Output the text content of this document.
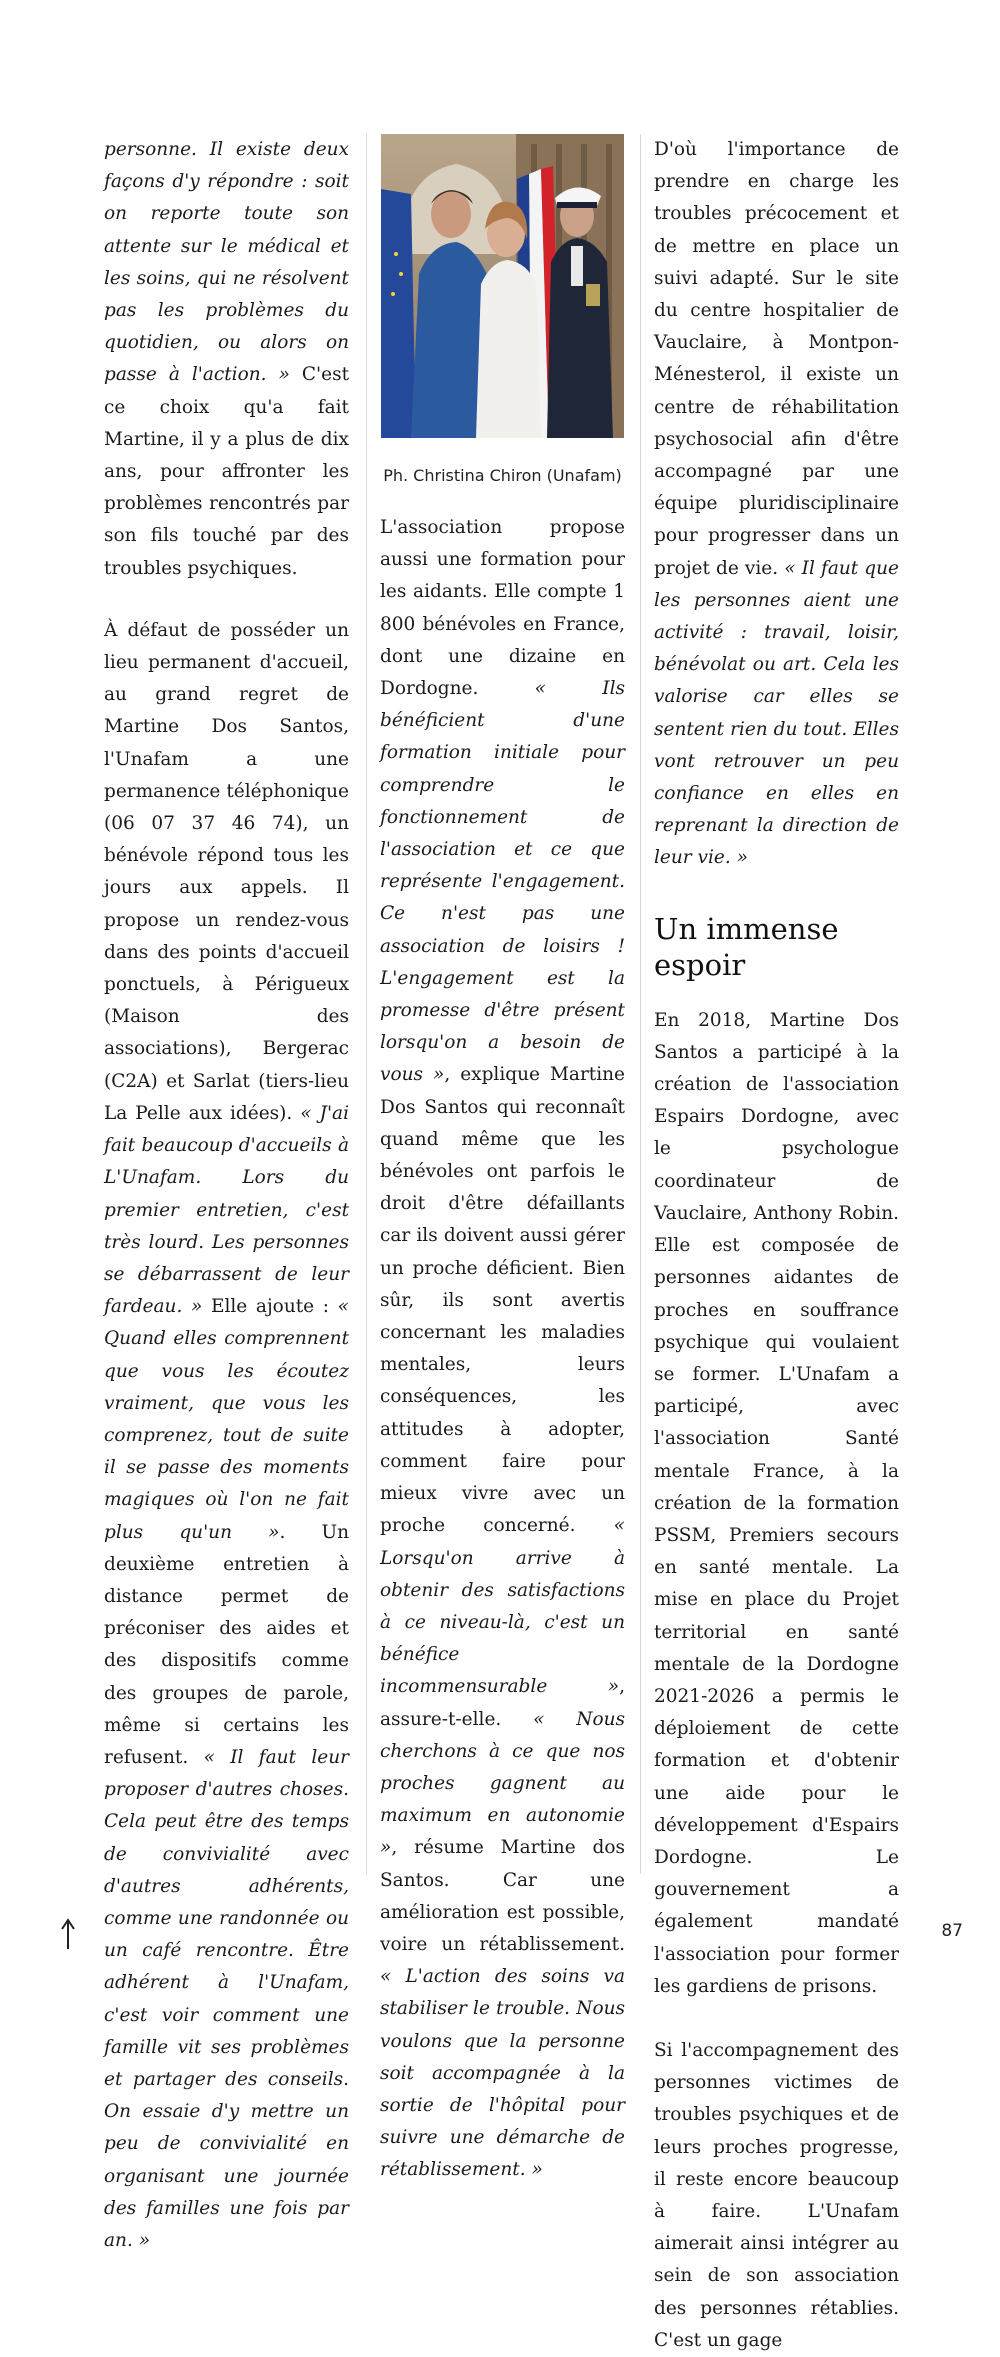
personne. Il existe deux façons d'y répondre : soit on reporte toute son attente sur le médical et les soins, qui ne résolvent pas les problèmes du quotidien, ou alors on passe à l'action. » C'est ce choix qu'a fait Martine, il y a plus de dix ans, pour affronter les problèmes rencontrés par son fils touché par des troubles psychiques.

À défaut de posséder un lieu permanent d'accueil, au grand regret de Martine Dos Santos, l'Unafam a une permanence téléphonique (06 07 37 46 74), un bénévole répond tous les jours aux appels. Il propose un rendez-vous dans des points d'accueil ponctuels, à Périgueux (Maison des associations), Bergerac (C2A) et Sarlat (tiers-lieu La Pelle aux idées). « J'ai fait beaucoup d'accueils à L'Unafam. Lors du premier entretien, c'est très lourd. Les personnes se débarrassent de leur fardeau. » Elle ajoute : « Quand elles comprennent que vous les écoutez vraiment, que vous les comprenez, tout de suite il se passe des moments magiques où l'on ne fait plus qu'un ». Un deuxième entretien à distance permet de préconiser des aides et des dispositifs comme des groupes de parole, même si certains les refusent. « Il faut leur proposer d'autres choses. Cela peut être des temps de convivialité avec d'autres adhérents, comme une randonnée ou un café rencontre. Être adhérent à l'Unafam, c'est voir comment une famille vit ses problèmes et partager des conseils. On essaie d'y mettre un peu de convivialité en organisant une journée des familles une fois par an. »

Ph. Christina Chiron (Unafam)

L'association propose aussi une formation pour les aidants. Elle compte 1 800 bénévoles en France, dont une dizaine en Dordogne. « Ils bénéficient d'une formation initiale pour comprendre le fonctionnement de l'association et ce que représente l'engagement. Ce n'est pas une association de loisirs ! L'engagement est la promesse d'être présent lorsqu'on a besoin de vous », explique Martine Dos Santos qui reconnaît quand même que les bénévoles ont parfois le droit d'être défaillants car ils doivent aussi gérer un proche déficient. Bien sûr, ils sont avertis concernant les maladies mentales, leurs conséquences, les attitudes à adopter, comment faire pour mieux vivre avec un proche concerné. « Lorsqu'on arrive à obtenir des satisfactions à ce niveau-là, c'est un bénéfice incommensurable », assure-t-elle. « Nous cherchons à ce que nos proches gagnent au maximum en autonomie », résume Martine dos Santos. Car une amélioration est possible, voire un rétablissement. « L'action des soins va stabiliser le trouble. Nous voulons que la personne soit accompagnée à la sortie de l'hôpital pour suivre une démarche de rétablissement. »

D'où l'importance de prendre en charge les troubles précocement et de mettre en place un suivi adapté. Sur le site du centre hospitalier de Vauclaire, à Montpon-Ménesterol, il existe un centre de réhabilitation psychosocial afin d'être accompagné par une équipe pluridisciplinaire pour progresser dans un projet de vie. « Il faut que les personnes aient une activité : travail, loisir, bénévolat ou art. Cela les valorise car elles se sentent rien du tout. Elles vont retrouver un peu confiance en elles en reprenant la direction de leur vie. »

Un immense espoir

En 2018, Martine Dos Santos a participé à la création de l'association Espairs Dordogne, avec le psychologue coordinateur de Vauclaire, Anthony Robin. Elle est composée de personnes aidantes de proches en souffrance psychique qui voulaient se former. L'Unafam a participé, avec l'association Santé mentale France, à la création de la formation PSSM, Premiers secours en santé mentale. La mise en place du Projet territorial en santé mentale de la Dordogne 2021-2026 a permis le déploiement de cette formation et d'obtenir une aide pour le développement d'Espairs Dordogne. Le gouvernement a également mandaté l'association pour former les gardiens de prisons.

Si l'accompagnement des personnes victimes de troubles psychiques et de leurs proches progresse, il reste encore beaucoup à faire. L'Unafam aimerait ainsi intégrer au sein de son association des personnes rétablies. C'est un gage

87
